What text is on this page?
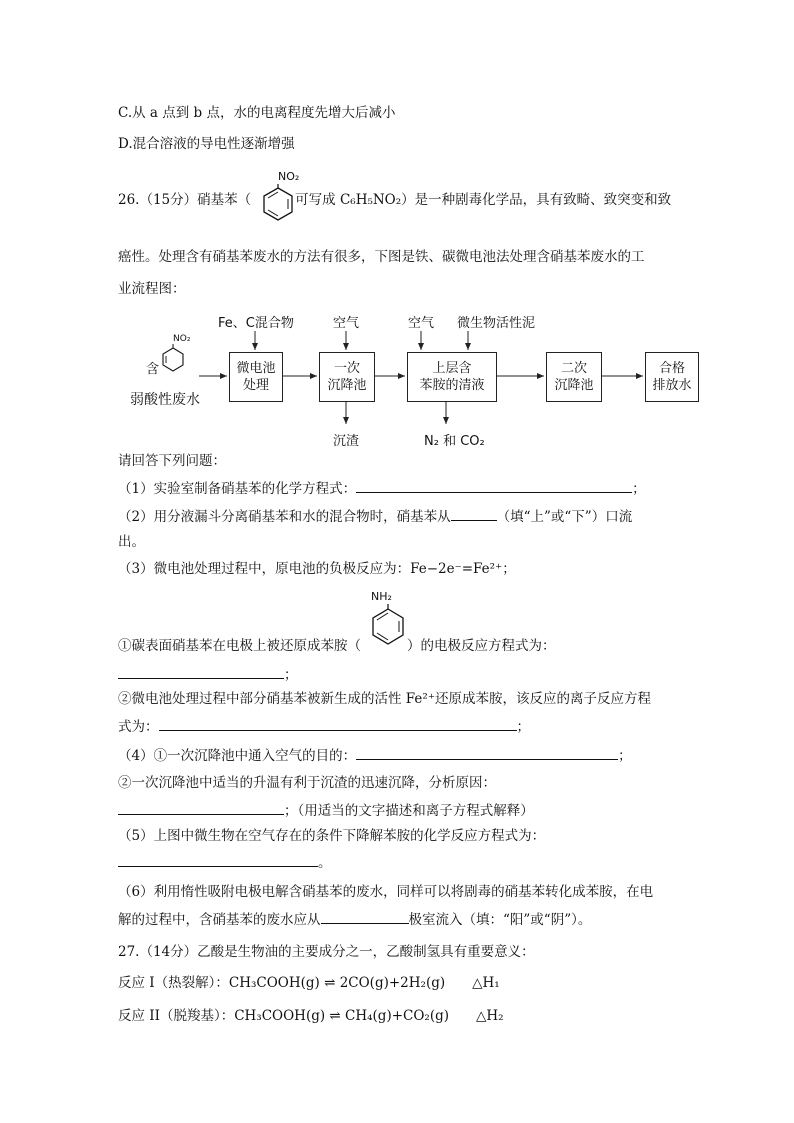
C.从 a 点到 b 点，水的电离程度先增大后减小
D.混合溶液的导电性逐渐增强
26.（15分）硝基苯（	可写成 C₆H₅NO₂）是一种剧毒化学品，具有致畸、致突变和致
NO₂
癌性。处理含有硝基苯废水的方法有很多，下图是铁、碳微电池法处理含硝基苯废水的工
业流程图：
Fe、C混合物	空气	空气 微生物活性泥
NO₂
含
弱酸性废水
微电池
处理
一次
沉降池
上层含
苯胺的清液
二次
沉降池
合格
排放水
沉渣	N₂ 和 CO₂
请回答下列问题：
（1）实验室制备硝基苯的化学方程式：	；
（2）用分液漏斗分离硝基苯和水的混合物时，硝基苯从	（填“上”或“下”）口流
出。
（3）微电池处理过程中，原电池的负极反应为：Fe−2e⁻=Fe²⁺；
NH₂
①碳表面硝基苯在电极上被还原成苯胺（	）的电极反应方程式为：
；
②微电池处理过程中部分硝基苯被新生成的活性 Fe²⁺还原成苯胺，该反应的离子反应方程
式为：	；
（4）①一次沉降池中通入空气的目的：	；
②一次沉降池中适当的升温有利于沉渣的迅速沉降，分析原因：
；（用适当的文字描述和离子方程式解释）
（5）上图中微生物在空气存在的条件下降解苯胺的化学反应方程式为：
。
（6）利用惰性吸附电极电解含硝基苯的废水，同样可以将剧毒的硝基苯转化成苯胺，在电
解的过程中，含硝基苯的废水应从	极室流入（填：“阳”或“阴”）。
27.（14分）乙酸是生物油的主要成分之一，乙酸制氢具有重要意义：
反应 I（热裂解）：CH₃COOH(g) ⇌ 2CO(g)+2H₂(g)　　△H₁
反应 II（脱羧基）：CH₃COOH(g) ⇌ CH₄(g)+CO₂(g)　　△H₂
